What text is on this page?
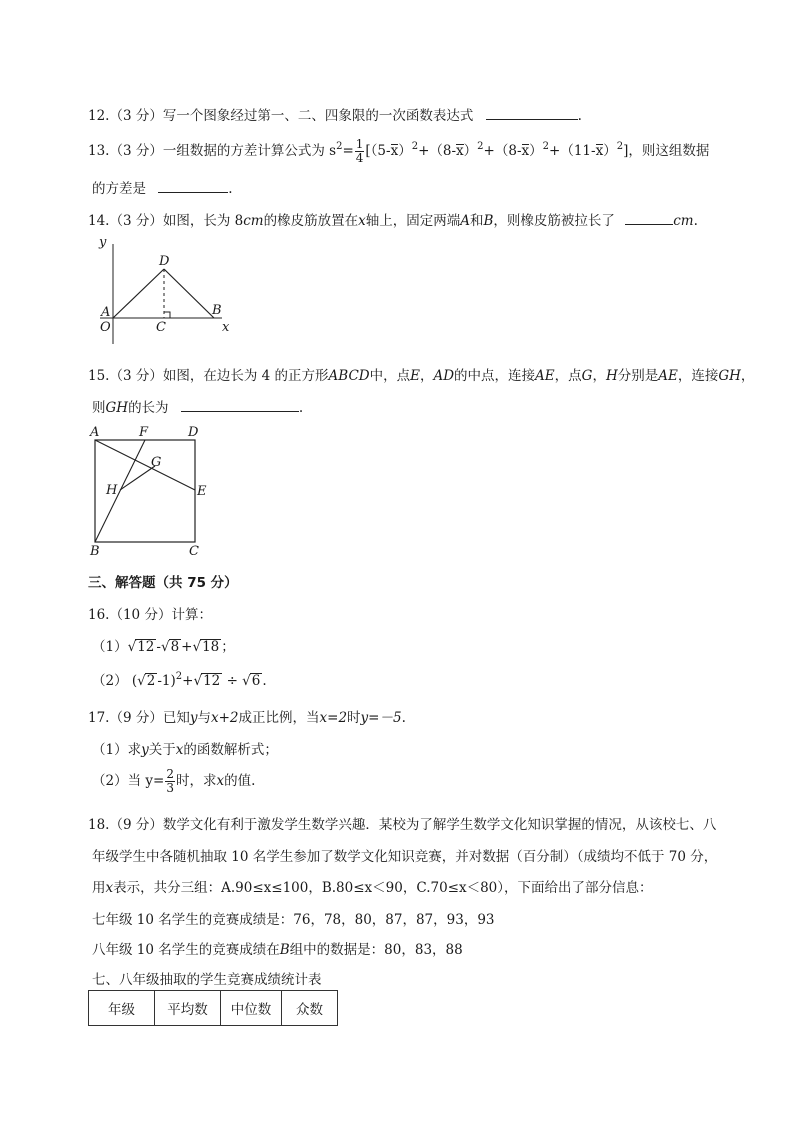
12.（3 分）写一个图象经过第一、二、四象限的一次函数表达式	.
13.（3 分）一组数据的方差计算公式为 $s^2= \frac{1}{4} [(5-x)^2+(8-x)^2+(8-x)^2+(11-x)^2]$，则这组数据
的方差是	.
14.（3 分）如图，长为 8cm的橡皮筋放置在x轴上，固定两端A和B，则橡皮筋被拉长了	cm.
y
D
A	B
O	C	x
15.（3 分）如图，在边长为 4 的正方形ABCD中，点E，AD的中点，连接AE，点G，H分别是AE，连接GH，
则GH的长为	.
A	F	D
G
H	E
B	C
三、解答题（共 75 分）
16.（10 分）计算：
（1）√12 -√8 +√18 ；
（2） (√2 -1)$^2$+√12 ÷ √6 .
17.（9 分）已知y与x+2成正比例，当x=2时y=－5.
（1）求y关于x的函数解析式；
（2）当 $y= \frac{2}{3}$ 时，求x的值.
18.（9 分）数学文化有利于激发学生数学兴趣．某校为了解学生数学文化知识掌握的情况，从该校七、八
年级学生中各随机抽取 10 名学生参加了数学文化知识竞赛，并对数据（百分制）（成绩均不低于 70 分，
用x表示，共分三组：A.90≤x≤100，B.80≤x＜90，C.70≤x＜80），下面给出了部分信息：
七年级 10 名学生的竞赛成绩是：76，78，80，87，87，93，93
八年级 10 名学生的竞赛成绩在B组中的数据是：80，83，88
七、八年级抽取的学生竞赛成绩统计表
年级	平均数	中位数	众数
